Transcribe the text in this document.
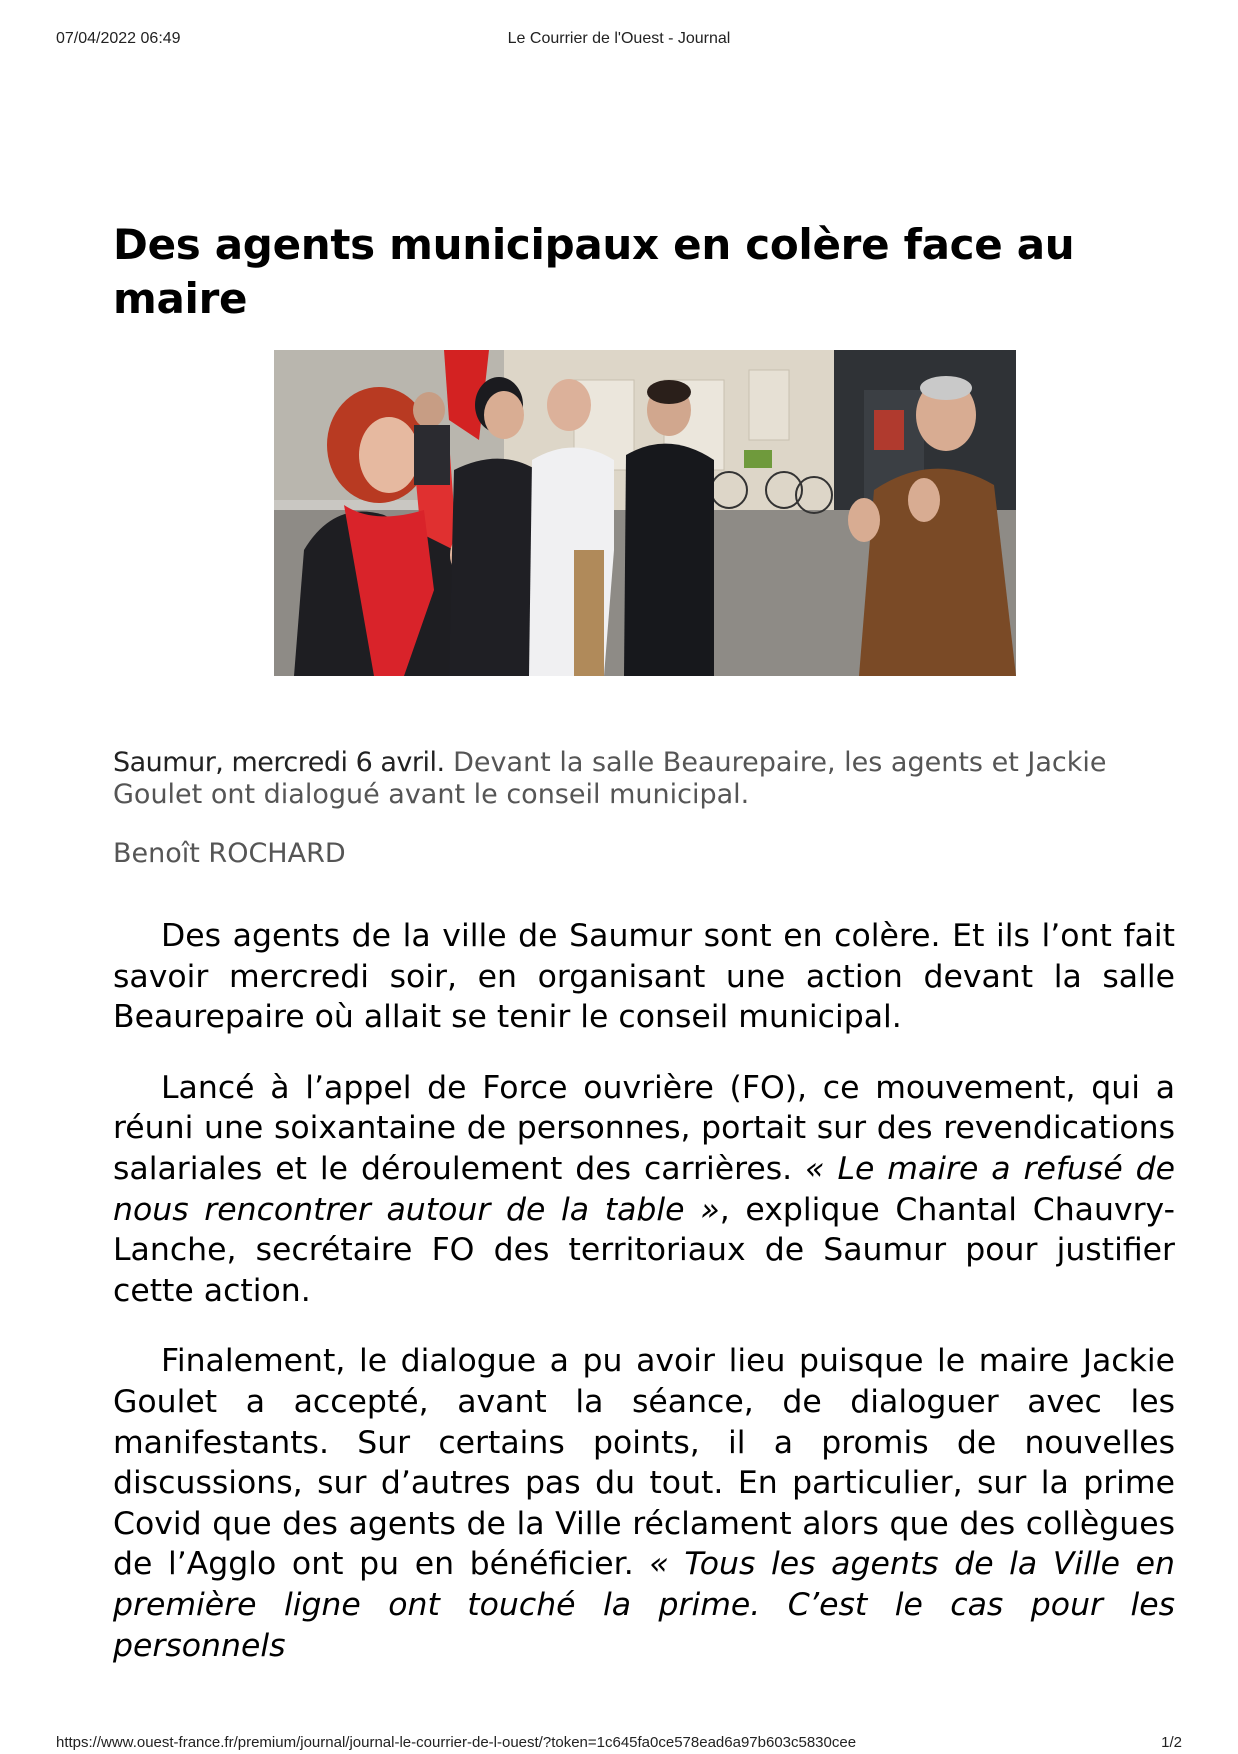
07/04/2022 06:49	Le Courrier de l'Ouest - Journal
Des agents municipaux en colère face au maire

Saumur, mercredi 6 avril. Devant la salle Beaurepaire, les agents et Jackie Goulet ont dialogué avant le conseil municipal.

Benoît ROCHARD

Des agents de la ville de Saumur sont en colère. Et ils l’ont fait savoir mercredi soir, en organisant une action devant la salle Beaurepaire où allait se tenir le conseil municipal.

Lancé à l’appel de Force ouvrière (FO), ce mouvement, qui a réuni une soixantaine de personnes, portait sur des revendications salariales et le déroulement des carrières. « Le maire a refusé de nous rencontrer autour de la table », explique Chantal Chauvry-Lanche, secrétaire FO des territoriaux de Saumur pour justifier cette action.

Finalement, le dialogue a pu avoir lieu puisque le maire Jackie Goulet a accepté, avant la séance, de dialoguer avec les manifestants. Sur certains points, il a promis de nouvelles discussions, sur d’autres pas du tout. En particulier, sur la prime Covid que des agents de la Ville réclament alors que des collègues de l’Agglo ont pu en bénéficier. « Tous les agents de la Ville en première ligne ont touché la prime. C’est le cas pour les personnels

https://www.ouest-france.fr/premium/journal/journal-le-courrier-de-l-ouest/?token=1c645fa0ce578ead6a97b603c5830cee	1/2
